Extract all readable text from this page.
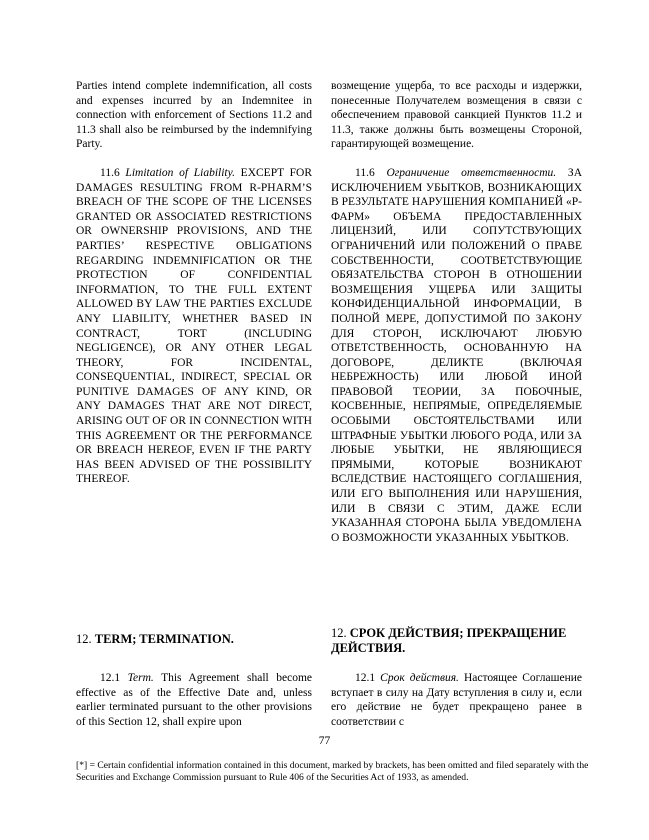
Parties intend complete indemnification, all costs and expenses incurred by an Indemnitee in connection with enforcement of Sections 11.2 and 11.3 shall also be reimbursed by the indemnifying Party.

11.6 Limitation of Liability. EXCEPT FOR DAMAGES RESULTING FROM R-PHARM’S BREACH OF THE SCOPE OF THE LICENSES GRANTED OR ASSOCIATED RESTRICTIONS OR OWNERSHIP PROVISIONS, AND THE PARTIES’ RESPECTIVE OBLIGATIONS REGARDING INDEMNIFICATION OR THE PROTECTION OF CONFIDENTIAL INFORMATION, TO THE FULL EXTENT ALLOWED BY LAW THE PARTIES EXCLUDE ANY LIABILITY, WHETHER BASED IN CONTRACT, TORT (INCLUDING NEGLIGENCE), OR ANY OTHER LEGAL THEORY, FOR INCIDENTAL, CONSEQUENTIAL, INDIRECT, SPECIAL OR PUNITIVE DAMAGES OF ANY KIND, OR ANY DAMAGES THAT ARE NOT DIRECT, ARISING OUT OF OR IN CONNECTION WITH THIS AGREEMENT OR THE PERFORMANCE OR BREACH HEREOF, EVEN IF THE PARTY HAS BEEN ADVISED OF THE POSSIBILITY THEREOF.

12. TERM; TERMINATION.

12.1 Term. This Agreement shall become effective as of the Effective Date and, unless earlier terminated pursuant to the other provisions of this Section 12, shall expire upon

возмещение ущерба, то все расходы и издержки, понесенные Получателем возмещения в связи с обеспечением правовой санкцией Пунктов 11.2 и 11.3, также должны быть возмещены Стороной, гарантирующей возмещение.

11.6 Ограничение ответственности. ЗА ИСКЛЮЧЕНИЕМ УБЫТКОВ, ВОЗНИКАЮЩИХ В РЕЗУЛЬТАТЕ НАРУШЕНИЯ КОМПАНИЕЙ «Р-ФАРМ» ОБЪЕМА ПРЕДОСТАВЛЕННЫХ ЛИЦЕНЗИЙ, ИЛИ СОПУТСТВУЮЩИХ ОГРАНИЧЕНИЙ ИЛИ ПОЛОЖЕНИЙ О ПРАВЕ СОБСТВЕННОСТИ, СООТВЕТСТВУЮЩИЕ ОБЯЗАТЕЛЬСТВА СТОРОН В ОТНОШЕНИИ ВОЗМЕЩЕНИЯ УЩЕРБА ИЛИ ЗАЩИТЫ КОНФИДЕНЦИАЛЬНОЙ ИНФОРМАЦИИ, В ПОЛНОЙ МЕРЕ, ДОПУСТИМОЙ ПО ЗАКОНУ ДЛЯ СТОРОН, ИСКЛЮЧАЮТ ЛЮБУЮ ОТВЕТСТВЕННОСТЬ, ОСНОВАННУЮ НА ДОГОВОРЕ, ДЕЛИКТЕ (ВКЛЮЧАЯ НЕБРЕЖНОСТЬ) ИЛИ ЛЮБОЙ ИНОЙ ПРАВОВОЙ ТЕОРИИ, ЗА ПОБОЧНЫЕ, КОСВЕННЫЕ, НЕПРЯМЫЕ, ОПРЕДЕЛЯЕМЫЕ ОСОБЫМИ ОБСТОЯТЕЛЬСТВАМИ ИЛИ ШТРАФНЫЕ УБЫТКИ ЛЮБОГО РОДА, ИЛИ ЗА ЛЮБЫЕ УБЫТКИ, НЕ ЯВЛЯЮЩИЕСЯ ПРЯМЫМИ, КОТОРЫЕ ВОЗНИКАЮТ ВСЛЕДСТВИЕ НАСТОЯЩЕГО СОГЛАШЕНИЯ, ИЛИ ЕГО ВЫПОЛНЕНИЯ ИЛИ НАРУШЕНИЯ, ИЛИ В СВЯЗИ С ЭТИМ, ДАЖЕ ЕСЛИ УКАЗАННАЯ СТОРОНА БЫЛА УВЕДОМЛЕНА О ВОЗМОЖНОСТИ УКАЗАННЫХ УБЫТКОВ.

12. СРОК ДЕЙСТВИЯ; ПРЕКРАЩЕНИЕ ДЕЙСТВИЯ.

12.1 Срок действия. Настоящее Соглашение вступает в силу на Дату вступления в силу и, если его действие не будет прекращено ранее в соответствии с

77

[*] = Certain confidential information contained in this document, marked by brackets, has been omitted and filed separately with the Securities and Exchange Commission pursuant to Rule 406 of the Securities Act of 1933, as amended.
